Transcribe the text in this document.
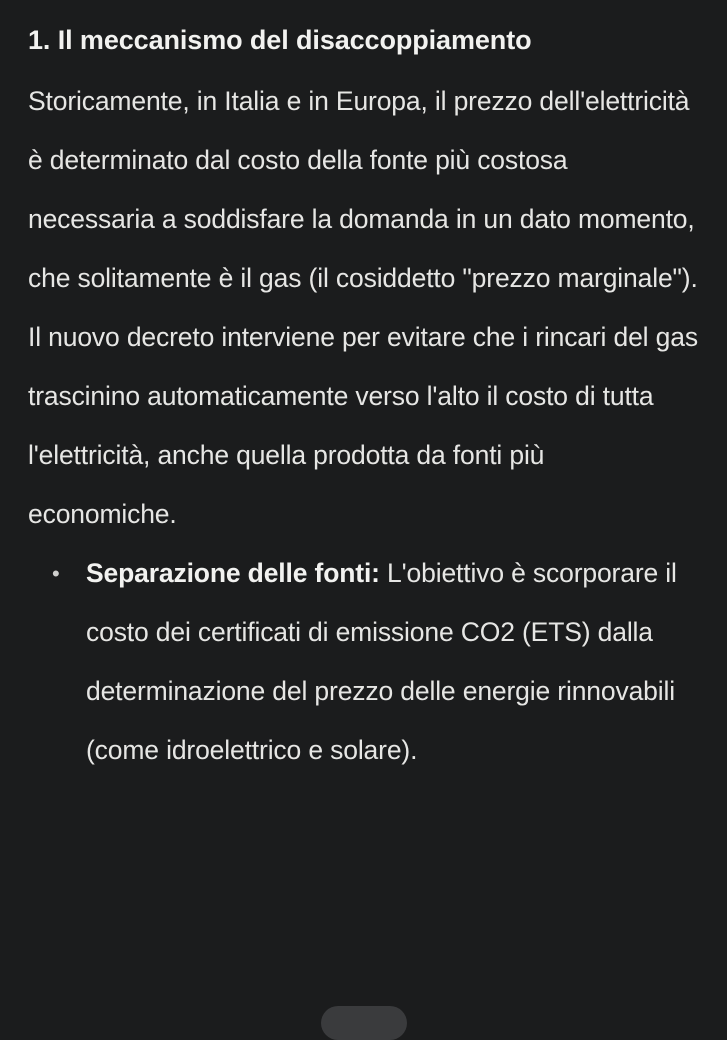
1. Il meccanismo del disaccoppiamento

Storicamente, in Italia e in Europa, il prezzo dell'elettricità è determinato dal costo della fonte più costosa necessaria a soddisfare la domanda in un dato momento, che solitamente è il gas (il cosiddetto "prezzo marginale"). Il nuovo decreto interviene per evitare che i rincari del gas trascinino automaticamente verso l'alto il costo di tutta l'elettricità, anche quella prodotta da fonti più economiche.

• Separazione delle fonti: L'obiettivo è scorporare il costo dei certificati di emissione CO2 (ETS) dalla determinazione del prezzo delle energie rinnovabili (come idroelettrico e solare).
